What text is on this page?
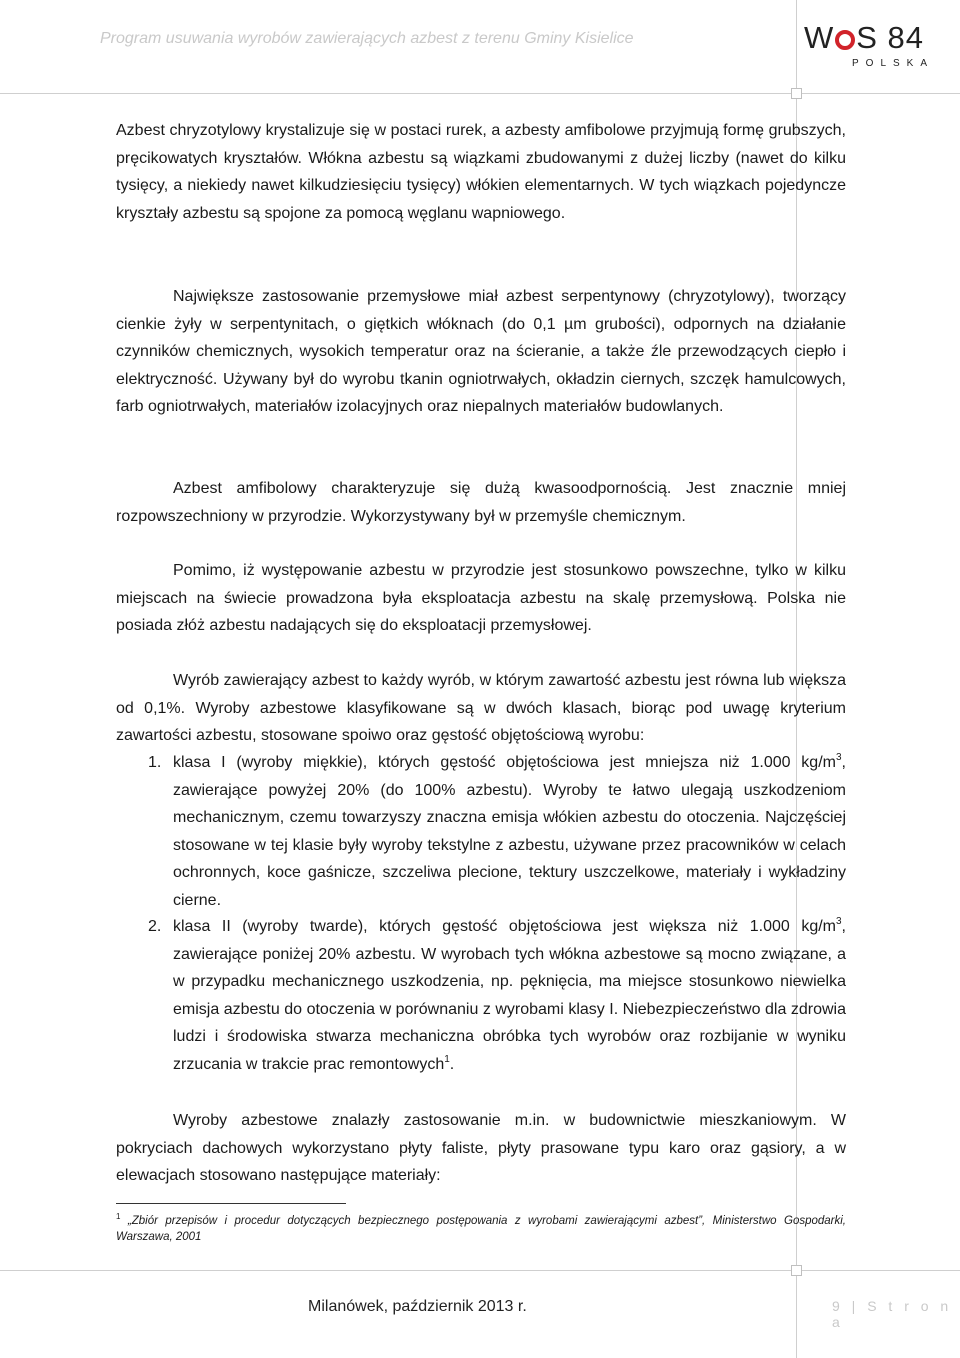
Program usuwania wyrobów zawierających azbest z terenu Gminy Kisielice	W S 84
POLSKA
Azbest chryzotylowy krystalizuje się w postaci rurek, a azbesty amfibolowe przyjmują formę grubszych, pręcikowatych kryształów. Włókna azbestu są wiązkami zbudowanymi z dużej liczby (nawet do kilku tysięcy, a niekiedy nawet kilkudziesięciu tysięcy) włókien elementarnych. W tych wiązkach pojedyncze kryształy azbestu są spojone za pomocą węglanu wapniowego.
Największe zastosowanie przemysłowe miał azbest serpentynowy (chryzotylowy), tworzący cienkie żyły w serpentynitach, o giętkich włóknach (do 0,1 µm grubości), odpornych na działanie czynników chemicznych, wysokich temperatur oraz na ścieranie, a także źle przewodzących ciepło i elektryczność. Używany był do wyrobu tkanin ogniotrwałych, okładzin ciernych, szczęk hamulcowych, farb ogniotrwałych, materiałów izolacyjnych oraz niepalnych materiałów budowlanych.
Azbest amfibolowy charakteryzuje się dużą kwasoodpornością. Jest znacznie mniej rozpowszechniony w przyrodzie. Wykorzystywany był w przemyśle chemicznym.
Pomimo, iż występowanie azbestu w przyrodzie jest stosunkowo powszechne, tylko w kilku miejscach na świecie prowadzona była eksploatacja azbestu na skalę przemysłową. Polska nie posiada złóż azbestu nadających się do eksploatacji przemysłowej.
Wyrób zawierający azbest to każdy wyrób, w którym zawartość azbestu jest równa lub większa od 0,1%. Wyroby azbestowe klasyfikowane są w dwóch klasach, biorąc pod uwagę kryterium zawartości azbestu, stosowane spoiwo oraz gęstość objętościową wyrobu:
1. klasa I (wyroby miękkie), których gęstość objętościowa jest mniejsza niż 1.000 $kg/m^3$, zawierające powyżej 20% (do 100% azbestu). Wyroby te łatwo ulegają uszkodzeniom mechanicznym, czemu towarzyszy znaczna emisja włókien azbestu do otoczenia. Najczęściej stosowane w tej klasie były wyroby tekstylne z azbestu, używane przez pracowników w celach ochronnych, koce gaśnicze, szczeliwa plecione, tektury uszczelkowe, materiały i wykładziny cierne.
2. klasa II (wyroby twarde), których gęstość objętościowa jest większa niż 1.000 $kg/m^3$, zawierające poniżej 20% azbestu. W wyrobach tych włókna azbestowe są mocno związane, a w przypadku mechanicznego uszkodzenia, np. pęknięcia, ma miejsce stosunkowo niewielka emisja azbestu do otoczenia w porównaniu z wyrobami klasy I. Niebezpieczeństwo dla zdrowia ludzi i środowiska stwarza mechaniczna obróbka tych wyrobów oraz rozbijanie w wyniku zrzucania w trakcie prac remontowych$^1$.
Wyroby azbestowe znalazły zastosowanie m.in. w budownictwie mieszkaniowym. W pokryciach dachowych wykorzystano płyty faliste, płyty prasowane typu karo oraz gąsiory, a w elewacjach stosowano następujące materiały:
$^1$ „Zbiór przepisów i procedur dotyczących bezpiecznego postępowania z wyrobami zawierającymi azbest”, Ministerstwo Gospodarki, Warszawa, 2001
Milanówek, październik 2013 r.	9 | S t r o n a
